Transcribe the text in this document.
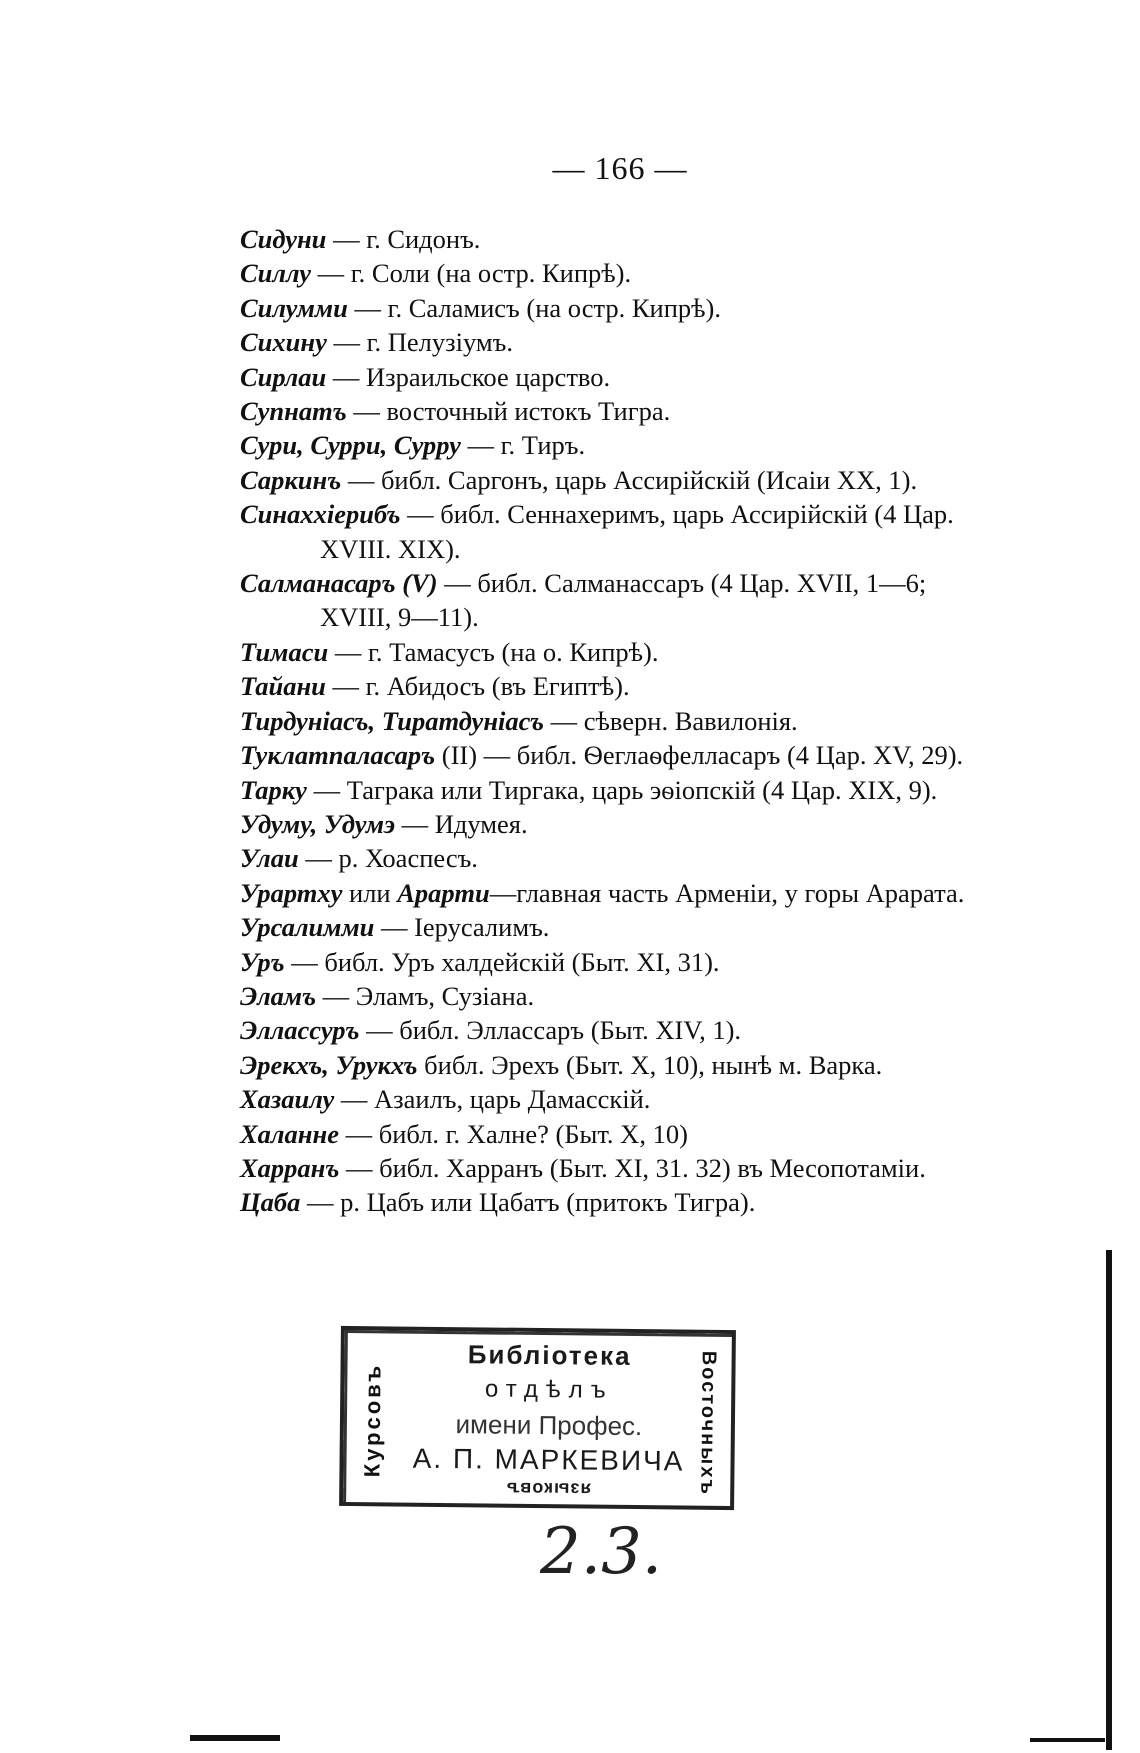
— 166 —
Сидуни — г. Сидонъ.
Силлу — г. Соли (на остр. Кипрѣ).
Силумми — г. Саламисъ (на остр. Кипрѣ).
Сихину — г. Пелузіумъ.
Сирлаи — Израильское царство.
Супнатъ — восточный истокъ Тигра.
Сури, Сурри, Сурру — г. Тиръ.
Саркинъ — библ. Саргонъ, царь Ассирійскій (Исаіи XX, 1).
Синаххіерибъ — библ. Сеннахеримъ, царь Ассирійскій (4 Цар.
XVIII. XIX).
Салманасаръ (V) — библ. Салманассаръ (4 Цар. XVII, 1—6;
XVIII, 9—11).
Тимаси — г. Тамасусъ (на о. Кипрѣ).
Тайани — г. Абидосъ (въ Египтѣ).
Тирдуніасъ, Тиратдуніасъ — сѣверн. Вавилонія.
Туклатпаласаръ (II) — библ. Ѳеглаѳфелласаръ (4 Цар. XV, 29).
Тарку — Таграка или Тиргака, царь эѳіопскій (4 Цар. XIX, 9).
Удуму, Удумэ — Идумея.
Улаи — р. Хоаспесъ.
Урартху или Арарти—главная часть Арменіи, у горы Арарата.
Урсалимми — Іерусалимъ.
Уръ — библ. Уръ халдейскій (Быт. XI, 31).
Эламъ — Эламъ, Сузіана.
Эллассуръ — библ. Эллассаръ (Быт. XIV, 1).
Эрекхъ, Урукхъ библ. Эрехъ (Быт. X, 10), нынѣ м. Варка.
Хазаилу — Азаилъ, царь Дамасскій.
Халанне — библ. г. Халне? (Быт. X, 10)
Харранъ — библ. Харранъ (Быт. XI, 31. 32) въ Месопотаміи.
Цаба — р. Цабъ или Цабатъ (притокъ Тигра).
Курсовъ
Библіотека
отдѣлъ
имени Профес.
А. П. МАРКЕВИЧА
языковъ	Восточныхъ
2.3.
